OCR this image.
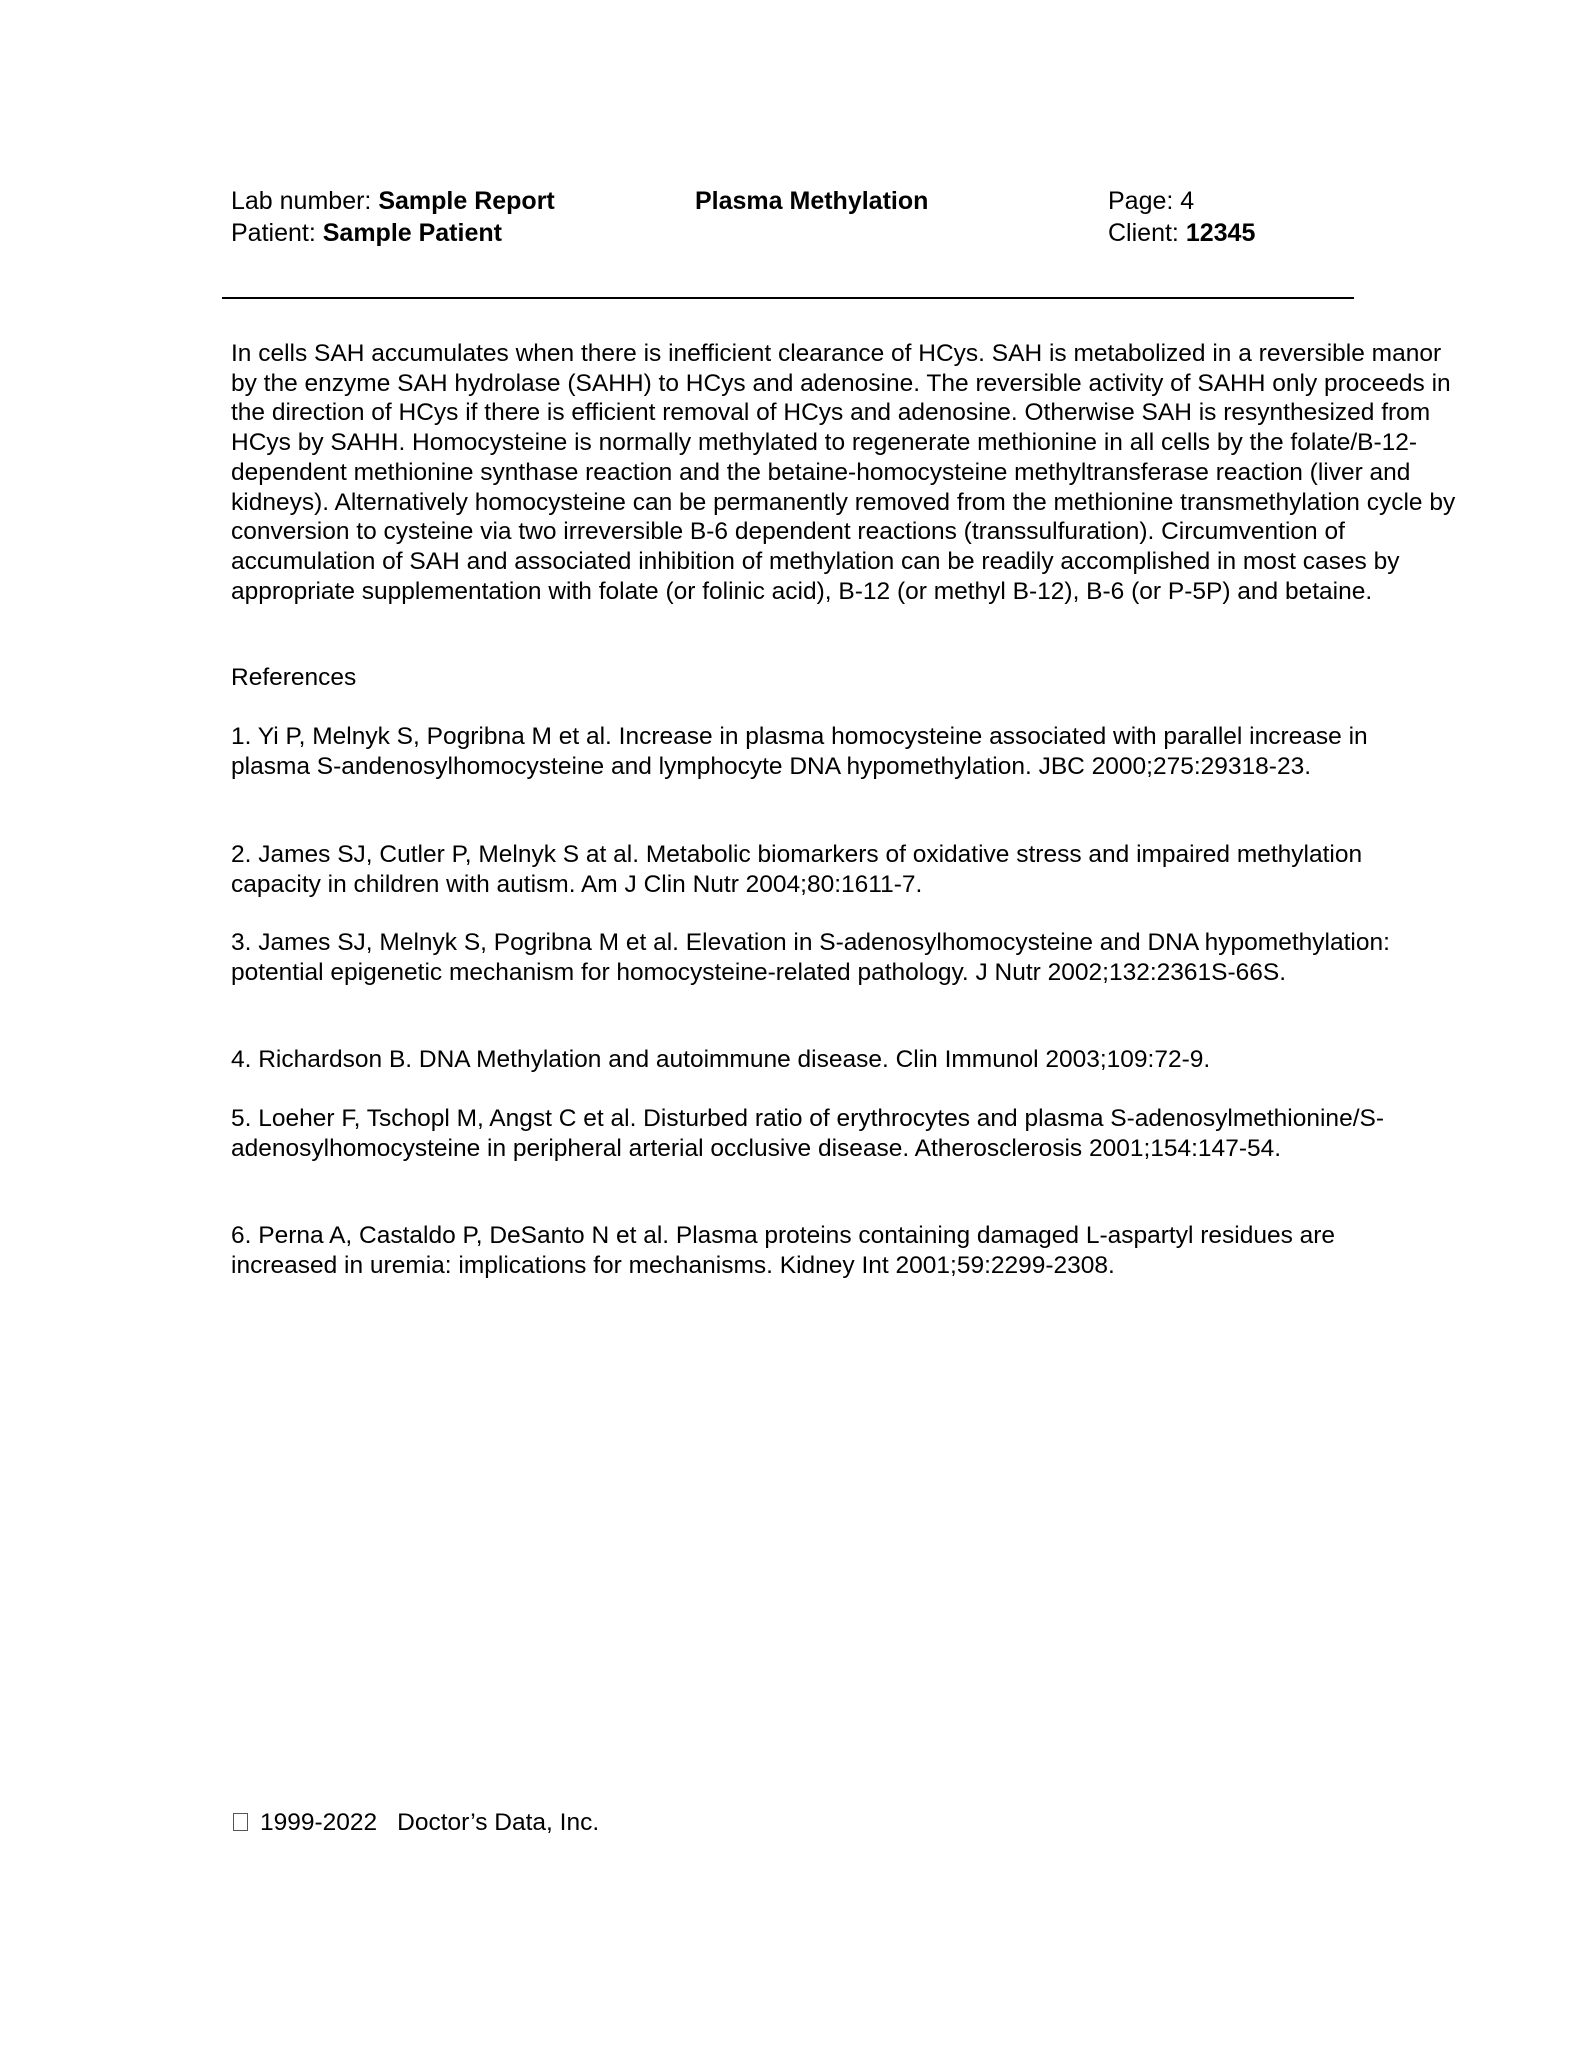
Lab number: Sample Report	Plasma Methylation	Page: 4
Patient: Sample Patient	Client: 12345
In cells SAH accumulates when there is inefficient clearance of HCys. SAH is metabolized in a reversible manor by the enzyme SAH hydrolase (SAHH) to HCys and adenosine. The reversible activity of SAHH only proceeds in the direction of HCys if there is efficient removal of HCys and adenosine. Otherwise SAH is resynthesized from HCys by SAHH. Homocysteine is normally methylated to regenerate methionine in all cells by the folate/B-12-dependent methionine synthase reaction and the betaine-homocysteine methyltransferase reaction (liver and kidneys). Alternatively homocysteine can be permanently removed from the methionine transmethylation cycle by conversion to cysteine via two irreversible B-6 dependent reactions (transsulfuration). Circumvention of accumulation of SAH and associated inhibition of methylation can be readily accomplished in most cases by appropriate supplementation with folate (or folinic acid), B-12 (or methyl B-12), B-6 (or P-5P) and betaine.
References
1. Yi P, Melnyk S, Pogribna M et al. Increase in plasma homocysteine associated with parallel increase in plasma S-andenosylhomocysteine and lymphocyte DNA hypomethylation. JBC 2000;275:29318-23.
2. James SJ, Cutler P, Melnyk S at al. Metabolic biomarkers of oxidative stress and impaired methylation capacity in children with autism. Am J Clin Nutr 2004;80:1611-7.
3. James SJ, Melnyk S, Pogribna M et al. Elevation in S-adenosylhomocysteine and DNA hypomethylation: potential epigenetic mechanism for homocysteine-related pathology. J Nutr 2002;132:2361S-66S.
4. Richardson B. DNA Methylation and autoimmune disease. Clin Immunol 2003;109:72-9.
5. Loeher F, Tschopl M, Angst C et al. Disturbed ratio of erythrocytes and plasma S-adenosylmethionine/S-adenosylhomocysteine in peripheral arterial occlusive disease. Atherosclerosis 2001;154:147-54.
6. Perna A, Castaldo P, DeSanto N et al. Plasma proteins containing damaged L-aspartyl residues are increased in uremia: implications for mechanisms. Kidney Int 2001;59:2299-2308.
1999-2022 Doctor’s Data, Inc.
